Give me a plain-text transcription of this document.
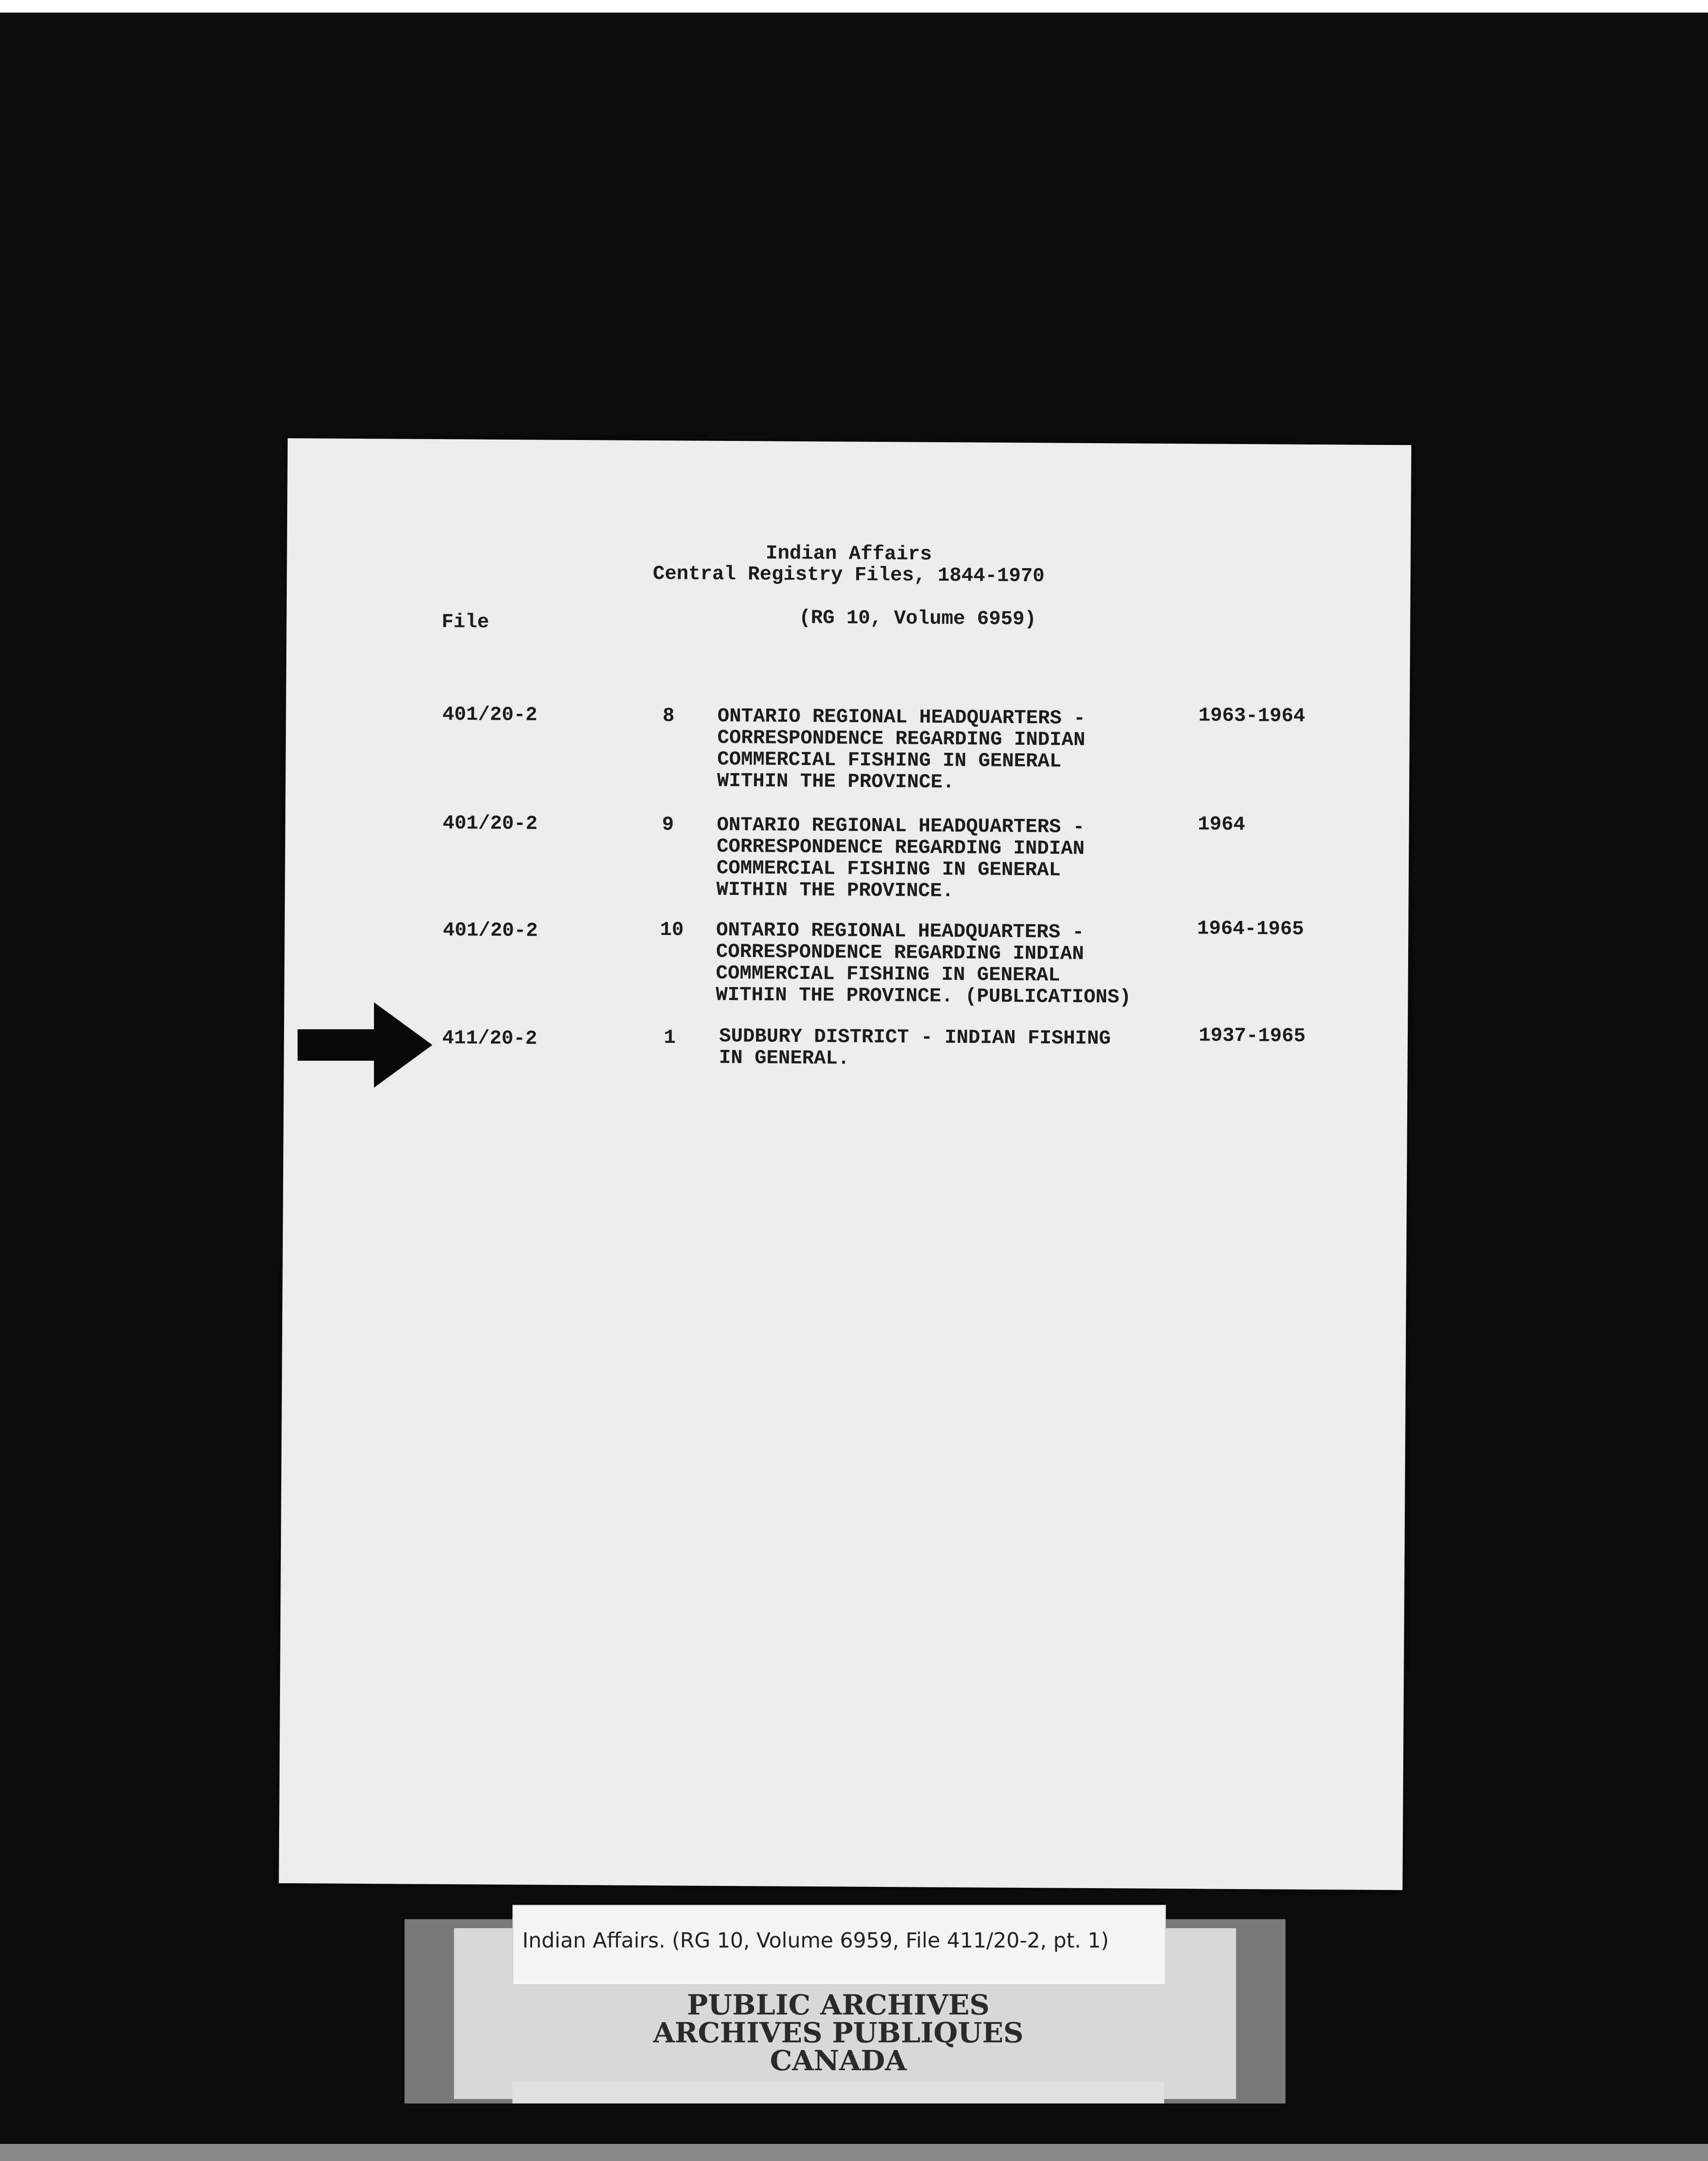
Indian Affairs
Central Registry Files, 1844-1970
File	(RG 10, Volume 6959)
401/20-2	8 ONTARIO REGIONAL HEADQUARTERS -
CORRESPONDENCE REGARDING INDIAN
COMMERCIAL FISHING IN GENERAL
WITHIN THE PROVINCE.
1963-1964
401/20-2	9 ONTARIO REGIONAL HEADQUARTERS -
CORRESPONDENCE REGARDING INDIAN
COMMERCIAL FISHING IN GENERAL
WITHIN THE PROVINCE.
1964
401/20-2	10 ONTARIO REGIONAL HEADQUARTERS -
CORRESPONDENCE REGARDING INDIAN
COMMERCIAL FISHING IN GENERAL
WITHIN THE PROVINCE. (PUBLICATIONS)
1964-1965
411/20-2	1 SUDBURY DISTRICT - INDIAN FISHING
IN GENERAL.
1937-1965
Indian Affairs. (RG 10, Volume 6959, File 411/20-2, pt. 1)
PUBLIC ARCHIVES
ARCHIVES PUBLIQUES
CANADA
